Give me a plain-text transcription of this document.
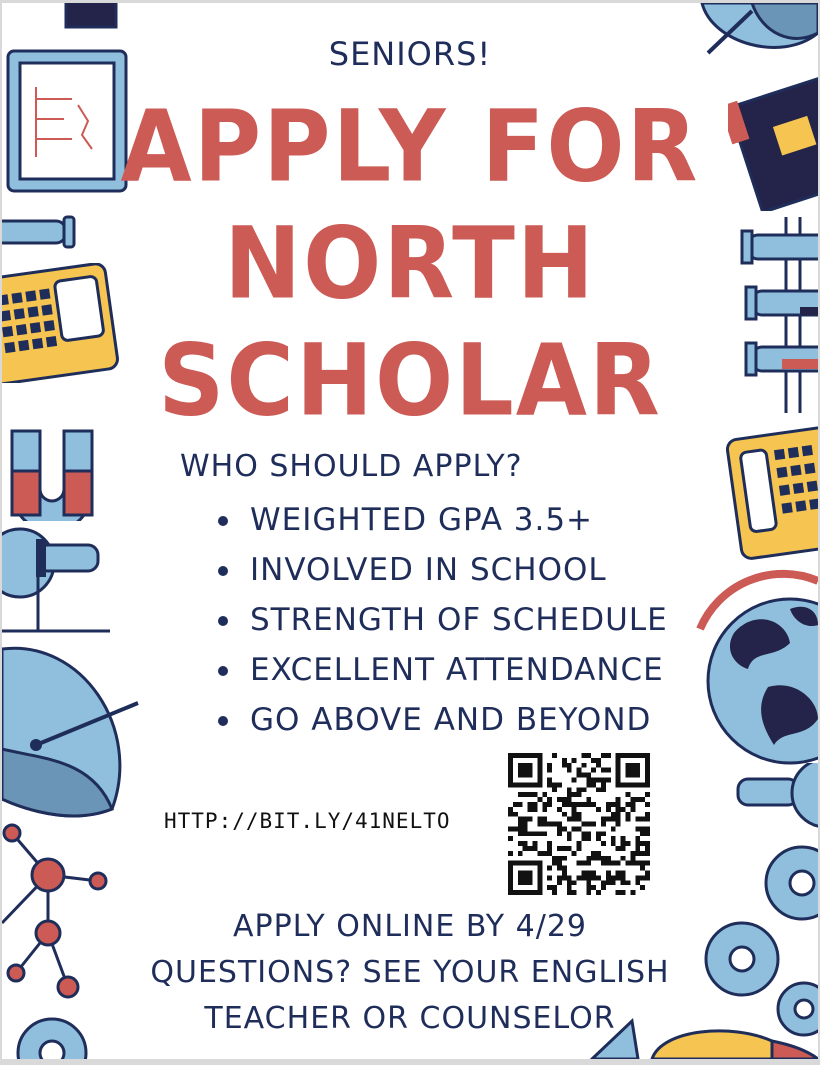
SENIORS!
APPLY FOR
NORTH
SCHOLAR
WHO SHOULD APPLY?
WEIGHTED GPA 3.5+
INVOLVED IN SCHOOL
STRENGTH OF SCHEDULE
EXCELLENT ATTENDANCE
GO ABOVE AND BEYOND
HTTP://BIT.LY/41NELTO
APPLY ONLINE BY 4/29
QUESTIONS? SEE YOUR ENGLISH
TEACHER OR COUNSELOR
